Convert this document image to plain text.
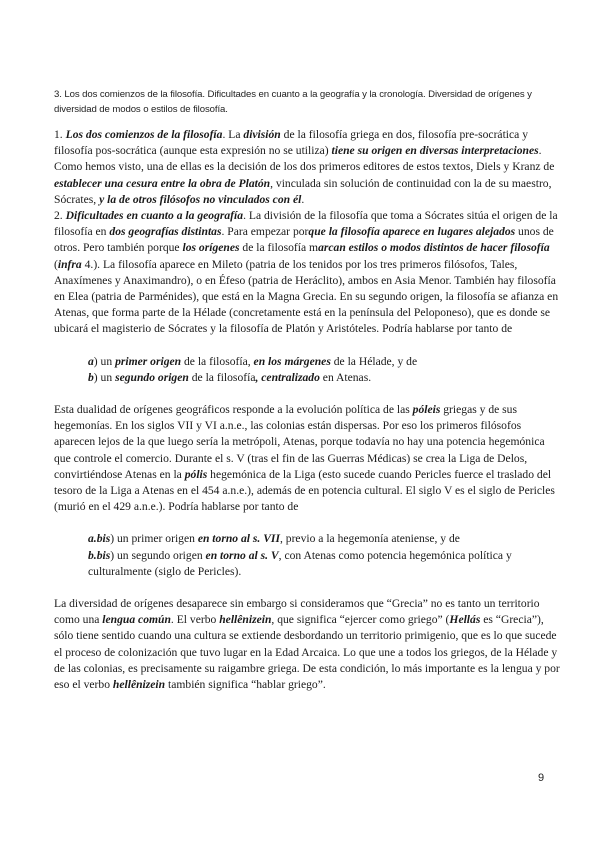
3. Los dos comienzos de la filosofía. Dificultades en cuanto a la geografía y la cronología. Diversidad de orígenes y
diversidad de modos o estilos de filosofía.

1. Los dos comienzos de la filosofía. La división de la filosofía griega en dos, filosofía pre-socrática y filosofía pos-socrática (aunque esta expresión no se utiliza) tiene su origen en diversas interpretaciones. Como hemos visto, una de ellas es la decisión de los dos primeros editores de estos textos, Diels y Kranz de establecer una cesura entre la obra de Platón, vinculada sin solución de continuidad con la de su maestro, Sócrates, y la de otros filósofos no vinculados con él.

2. Dificultades en cuanto a la geografía. La división de la filosofía que toma a Sócrates sitúa el origen de la filosofía en dos geografías distintas. Para empezar porque la filosofía aparece en lugares alejados unos de otros. Pero también porque los orígenes de la filosofía marcan estilos o modos distintos de hacer filosofía (infra 4.). La filosofía aparece en Mileto (patria de los tenidos por los tres primeros filósofos, Tales, Anaxímenes y Anaximandro), o en Éfeso (patria de Heráclito), ambos en Asia Menor. También hay filosofía en Elea (patria de Parménides), que está en la Magna Grecia. En su segundo origen, la filosofía se afianza en Atenas, que forma parte de la Hélade (concretamente está en la península del Peloponeso), que es donde se ubicará el magisterio de Sócrates y la filosofía de Platón y Aristóteles. Podría hablarse por tanto de

a) un primer origen de la filosofía, en los márgenes de la Hélade, y de

b) un segundo origen de la filosofía, centralizado en Atenas.

Esta dualidad de orígenes geográficos responde a la evolución política de las póleis griegas y de sus hegemonías. En los siglos VII y VI a.n.e., las colonias están dispersas. Por eso los primeros filósofos aparecen lejos de la que luego sería la metrópoli, Atenas, porque todavía no hay una potencia hegemónica que controle el comercio. Durante el s. V (tras el fin de las Guerras Médicas) se crea la Liga de Delos, convirtiéndose Atenas en la pólis hegemónica de la Liga (esto sucede cuando Pericles fuerce el traslado del tesoro de la Liga a Atenas en el 454 a.n.e.), además de en potencia cultural. El siglo V es el siglo de Pericles (murió en el 429 a.n.e.). Podría hablarse por tanto de

a.bis) un primer origen en torno al s. VII, previo a la hegemonía ateniense, y de

b.bis) un segundo origen en torno al s. V, con Atenas como potencia hegemónica política y culturalmente (siglo de Pericles).

La diversidad de orígenes desaparece sin embargo si consideramos que “Grecia” no es tanto un territorio como una lengua común. El verbo hellênizein, que significa “ejercer como griego” (Hellás es “Grecia”), sólo tiene sentido cuando una cultura se extiende desbordando un territorio primigenio, que es lo que sucede el proceso de colonización que tuvo lugar en la Edad Arcaica. Lo que une a todos los griegos, de la Hélade y de las colonias, es precisamente su raigambre griega. De esta condición, lo más importante es la lengua y por eso el verbo hellênizein también significa “hablar griego”.

9
